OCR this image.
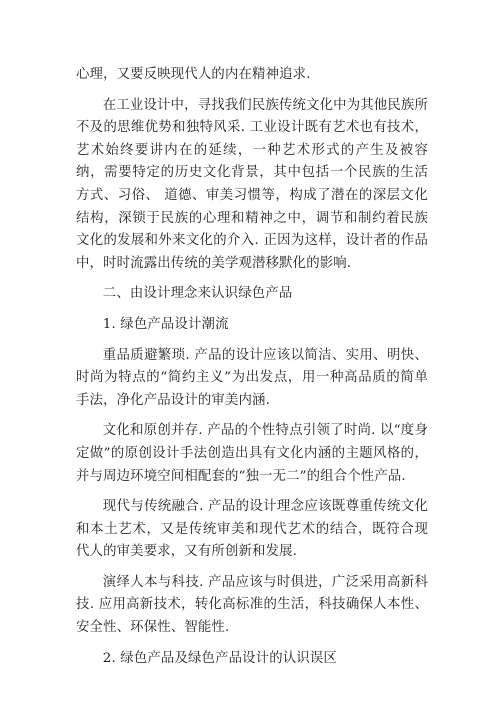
心理，又要反映现代人的内在精神追求.

在工业设计中，寻找我们民族传统文化中为其他民族所不及的思维优势和独特风采. 工业设计既有艺术也有技术，艺术始终要讲内在的延续，一种艺术形式的产生及被容纳，需要特定的历史文化背景，其中包括一个民族的生活方式、习俗、 道德、审美习惯等，构成了潜在的深层文化结构，深锁于民族的心理和精神之中，调节和制约着民族文化的发展和外来文化的介入. 正因为这样，设计者的作品中，时时流露出传统的美学观潜移默化的影响.

二、由设计理念来认识绿色产品

1. 绿色产品设计潮流

重品质避繁琐. 产品的设计应该以简洁、实用、明快、时尚为特点的“简约主义”为出发点，用一种高品质的简单手法，净化产品设计的审美内涵.

文化和原创并存. 产品的个性特点引领了时尚. 以“度身定做”的原创设计手法创造出具有文化内涵的主题风格的，并与周边环境空间相配套的“独一无二”的组合个性产品.

现代与传统融合. 产品的设计理念应该既尊重传统文化和本土艺术，又是传统审美和现代艺术的结合，既符合现代人的审美要求，又有所创新和发展.

演绎人本与科技. 产品应该与时俱进，广泛采用高新科技. 应用高新技术，转化高标准的生活，科技确保人本性、安全性、环保性、智能性.

2. 绿色产品及绿色产品设计的认识误区
